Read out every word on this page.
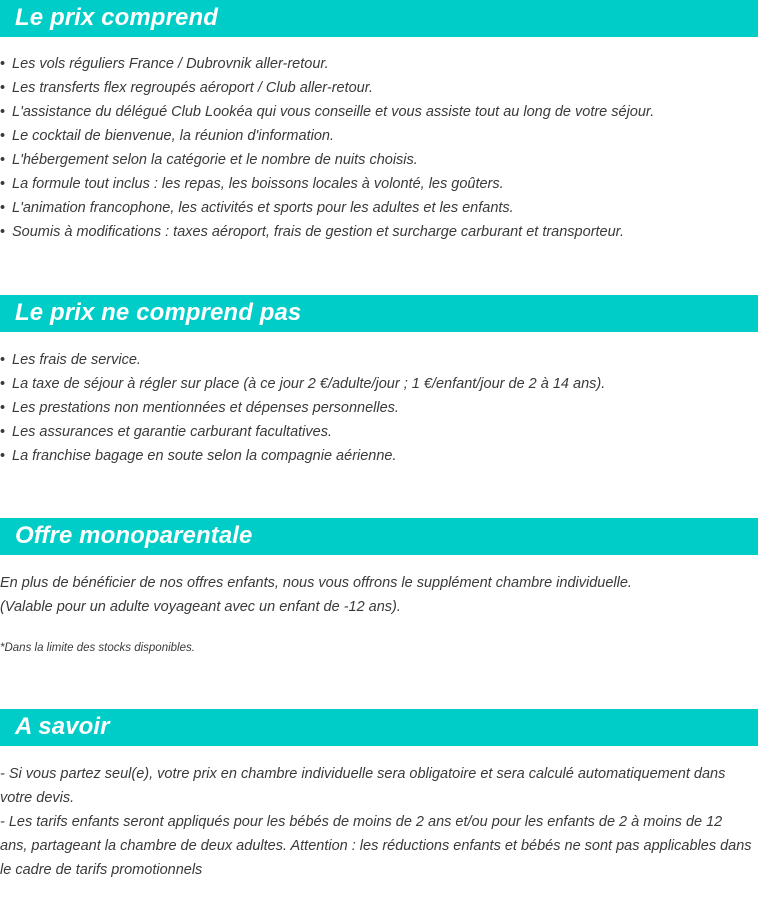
Le prix comprend
• Les vols réguliers France / Dubrovnik aller-retour.
• Les transferts flex regroupés aéroport / Club aller-retour.
• L'assistance du délégué Club Lookéa qui vous conseille et vous assiste tout au long de votre séjour.
• Le cocktail de bienvenue, la réunion d'information.
• L'hébergement selon la catégorie et le nombre de nuits choisis.
• La formule tout inclus : les repas, les boissons locales à volonté, les goûters.
• L'animation francophone, les activités et sports pour les adultes et les enfants.
• Soumis à modifications : taxes aéroport, frais de gestion et surcharge carburant et transporteur.
Le prix ne comprend pas
• Les frais de service.
• La taxe de séjour à régler sur place (à ce jour 2 €/adulte/jour ; 1 €/enfant/jour de 2 à 14 ans).
• Les prestations non mentionnées et dépenses personnelles.
• Les assurances et garantie carburant facultatives.
• La franchise bagage en soute selon la compagnie aérienne.
Offre monoparentale

En plus de bénéficier de nos offres enfants, nous vous offrons le supplément chambre individuelle.

(Valable pour un adulte voyageant avec un enfant de -12 ans).

*Dans la limite des stocks disponibles.

A savoir

- Si vous partez seul(e), votre prix en chambre individuelle sera obligatoire et sera calculé automatiquement dans votre devis.

- Les tarifs enfants seront appliqués pour les bébés de moins de 2 ans et/ou pour les enfants de 2 à moins de 12 ans, partageant la chambre de deux adultes. Attention : les réductions enfants et bébés ne sont pas applicables dans le cadre de tarifs promotionnels
